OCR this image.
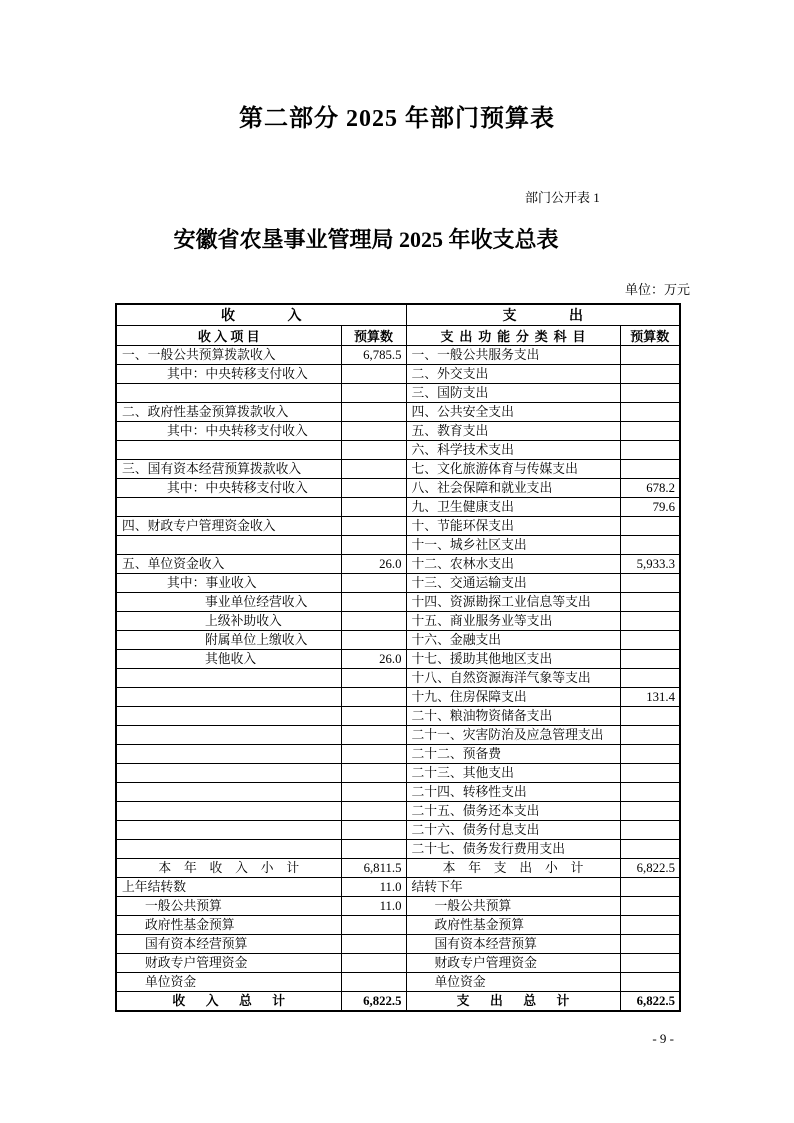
第二部分 2025 年部门预算表
部门公开表 1
安徽省农垦事业管理局 2025 年收支总表
单位：万元
收               入		支               出	
收 入 项 目	预算数	支出功能分类科目	预算数
一、一般公共预算拨款收入	6,785.5	一、一般公共服务支出	
其中：中央转移支付收入		二、外交支出	
		三、国防支出	
二、政府性基金预算拨款收入		四、公共安全支出	
其中：中央转移支付收入		五、教育支出	
		六、科学技术支出	
三、国有资本经营预算拨款收入		七、文化旅游体育与传媒支出	
其中：中央转移支付收入		八、社会保障和就业支出	678.2
		九、卫生健康支出	79.6
四、财政专户管理资金收入		十、节能环保支出	
		十一、城乡社区支出	
五、单位资金收入	26.0	十二、农林水支出	5,933.3
其中：事业收入		十三、交通运输支出	
事业单位经营收入		十四、资源勘探工业信息等支出	
上级补助收入		十五、商业服务业等支出	
附属单位上缴收入		十六、金融支出	
其他收入	26.0	十七、援助其他地区支出	
		十八、自然资源海洋气象等支出	
		十九、住房保障支出	131.4
		二十、粮油物资储备支出	
		二十一、灾害防治及应急管理支出	
		二十二、预备费	
		二十三、其他支出	
		二十四、转移性支出	
		二十五、债务还本支出	
		二十六、债务付息支出	
		二十七、债务发行费用支出	
本年收入小计	6,811.5	本年支出小计	6,822.5
上年结转数	11.0	结转下年	
一般公共预算	11.0	一般公共预算	
政府性基金预算		政府性基金预算	
国有资本经营预算		国有资本经营预算	
财政专户管理资金		财政专户管理资金	
单位资金		单位资金	
收入总计	6,822.5	支出总计	6,822.5
- 9 -
